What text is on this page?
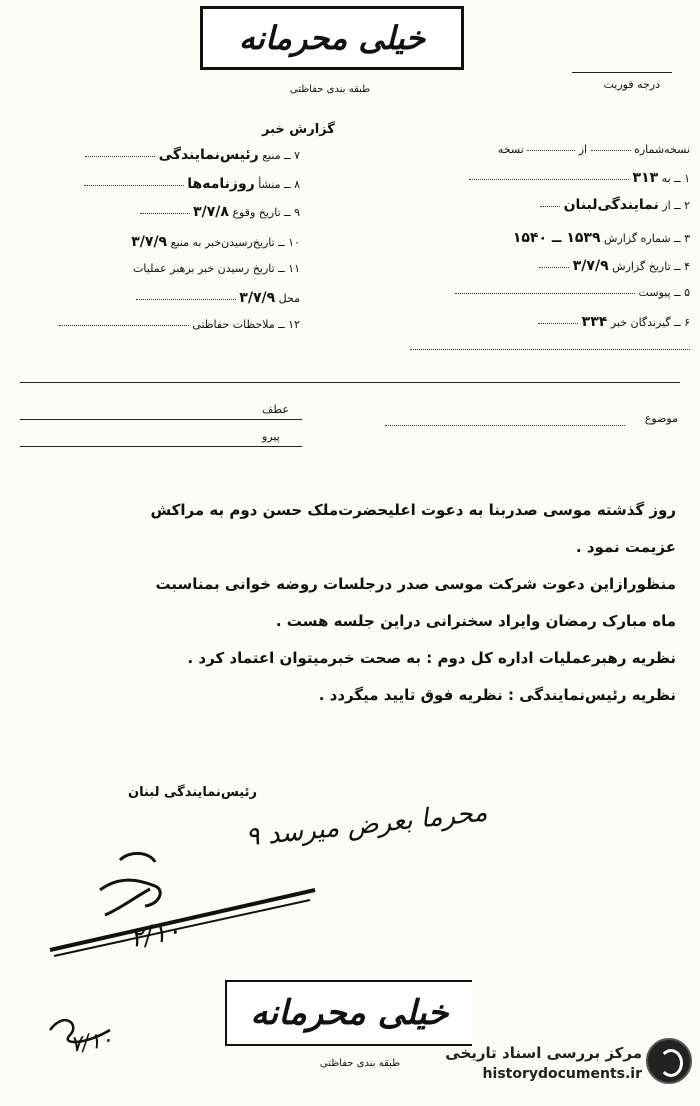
خیلی محرمانه
طبقه بندی حفاظتی	درجه فوریت
گزارش خبر
نسخه‌شماره  از  نسخه
۱ ــ به ۳۱۳
۲ ــ از نمایندگی‌لبنان
۳ ــ شماره گزارش ۱۵۳۹ ــ ۱۵۴۰
۴ ــ تاریخ گزارش ۳/۷/۹
۵ ــ پیوست
۶ ــ گیرندگان خبر ۳۳۴
۷ ــ منبع رئیس‌نمایندگی
۸ ــ منشأ روزنامه‌ها
۹ ــ تاریخ وقوع ۳/۷/۸
۱۰ ــ تاریخ‌رسیدن‌خبر به منبع ۳/۷/۹
۱۱ ــ تاریخ رسیدن خبر برهبر عملیات
محل ۳/۷/۹
۱۲ ــ ملاحظات حفاظتی
موضوع
عطف
پیرو

روز گذشته موسی صدربنا به دعوت اعلیحضرت‌ملک حسن دوم به مراکش

عزیمت نمود .

منظورازاین دعوت شرکت موسی صدر درجلسات روضه خوانی بمناسبت

ماه مبارک رمضان وایراد سخنرانی دراین جلسه هست .

نظریه رهبرعملیات اداره کل دوم : به صحت خبرمیتوان اعتماد کرد .

نظریه رئیس‌نمایندگی : نظریه فوق تایید میگردد .

رئیس‌نمایندگی لبنان
محرما بعرض میرسد ۹
۲/۱۰
خیلی محرمانه
طبقه بندی حفاظتی
۷/۱۰	مرکز بررسی اسناد تاریخی
historydocuments.ir
